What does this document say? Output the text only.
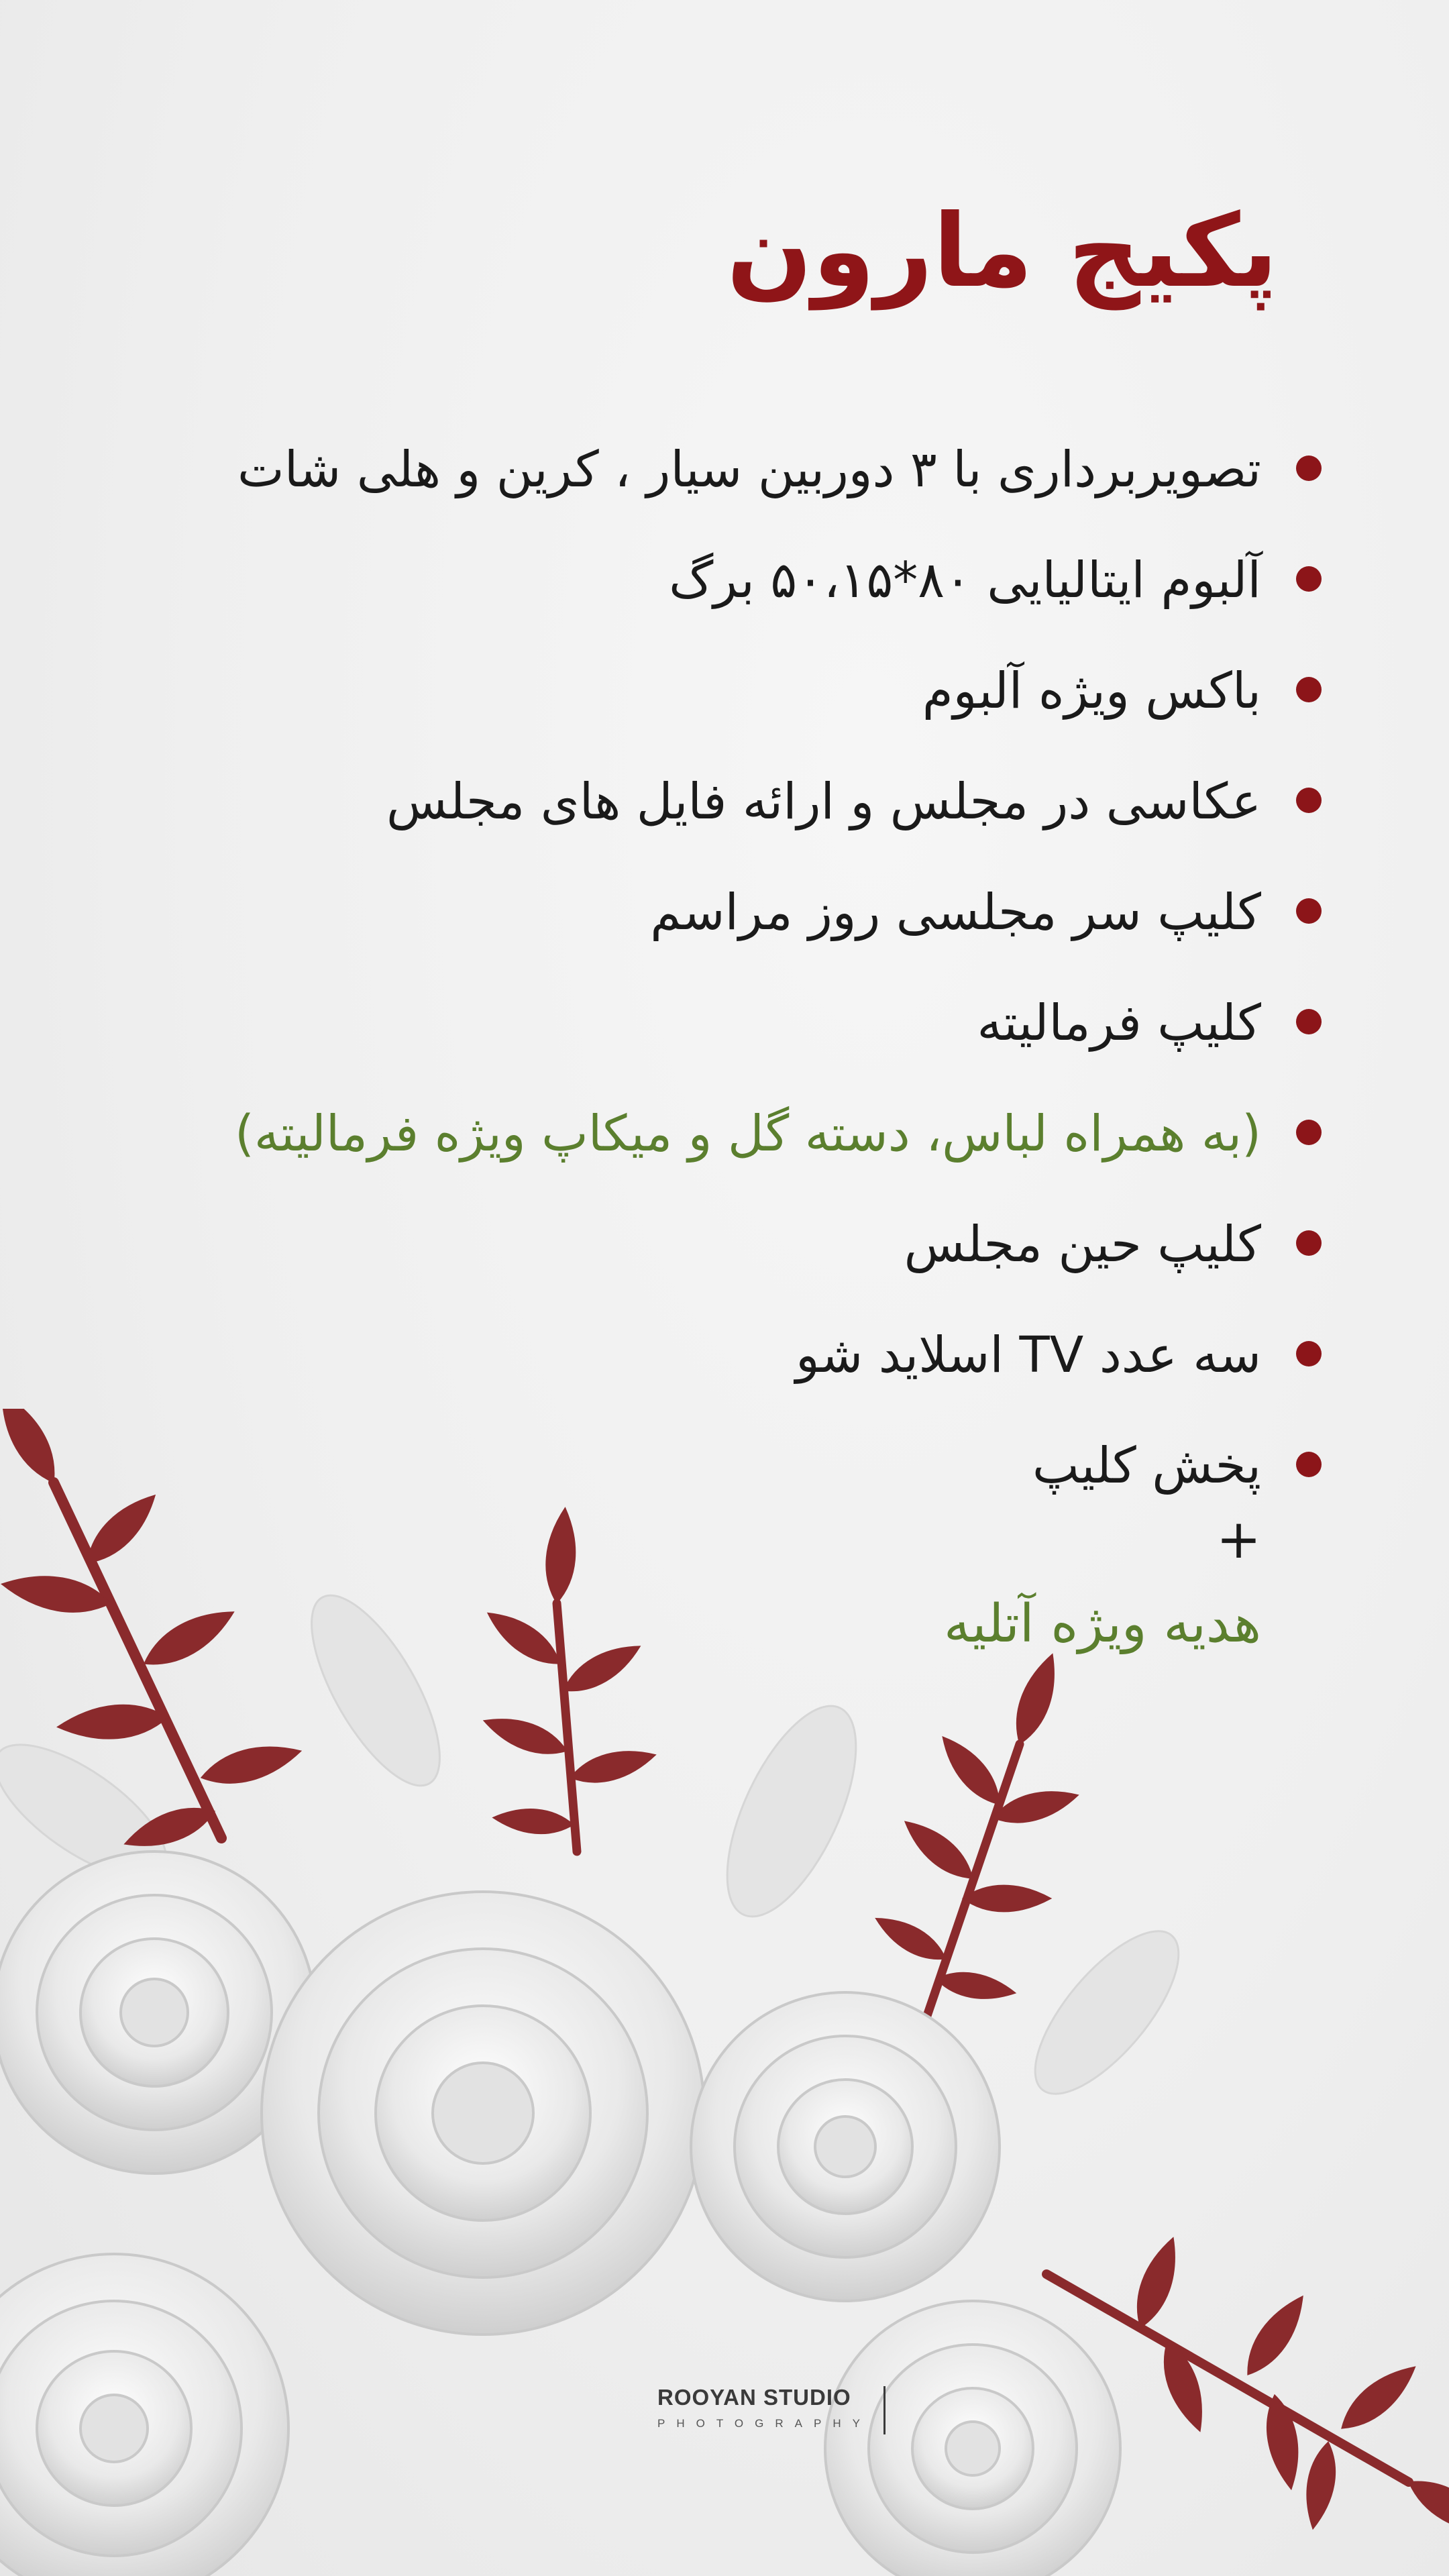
پکیج مارون
تصویربرداری با ۳ دوربین سیار ، کرین و هلی شات
آلبوم ایتالیایی ۸۰*۵۰،۱۵ برگ
باکس ویژه آلبوم
عکاسی در مجلس و ارائه فایل های مجلس
کلیپ سر مجلسی روز مراسم
کلیپ فرمالیته
(به همراه لباس، دسته گل و میکاپ ویژه فرمالیته)
کلیپ حین مجلس
سه عدد TV اسلاید شو
پخش کلیپ
+
هدیه ویژه آتلیه
ROOYAN STUDIO
PHOTOGRAPHY
